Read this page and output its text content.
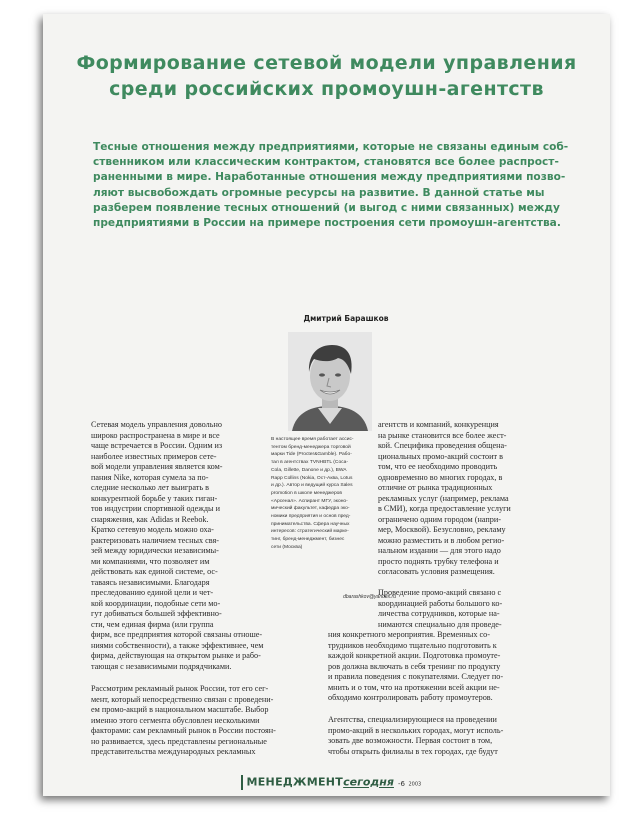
Формирование сетевой модели управления
среди российских промоушн-агентств
Тесные отношения между предприятиями, которые не связаны единым соб-
ственником или классическим контрактом, становятся все более распрост-
раненными в мире. Наработанные отношения между предприятиями позво-
ляют высвобождать огромные ресурсы на развитие. В данной статье мы
разберем появление тесных отношений (и выгод с ними связанных) между
предприятиями в России на примере построения сети промоушн-агентства.
Дмитрий Барашков
В настоящее время работает ассис-
тентом бренд-менеджера торговой
марки Tide (Procter&Gamble). Рабо-
тал в агентствах TVNHBTL (Coca-
Cola, Gillette, Danone и др.), BWA
Rapp Collins (Nokia, Ост-Аква, Lotus
и др.). Автор и ведущий курса Sales
promotion в школе менеджеров
«Арсенал». Аспирант МГУ, эконо-
мический факультет, кафедра эко-
номики предприятия и основ пред-
принимательства. Сфера научных
интересов: стратегический марке-
тинг, бренд-менеджмент, бизнес
сети (Москва)
dbarashkov@yandex.ru
Сетевая модель управления довольно
широко распространена в мире и все
чаще встречается в России. Одним из
наиболее известных примеров сете-
вой модели управления является ком-
пания Nike, которая сумела за по-
следние несколько лет выиграть в
конкурентной борьбе у таких гиган-
тов индустрии спортивной одежды и
снаряжения, как Adidas и Reebok.
Кратко сетевую модель можно оха-
рактеризовать наличием тесных свя-
зей между юридически независимы-
ми компаниями, что позволяет им
действовать как единой системе, ос-
таваясь независимыми. Благодаря
преследованию единой цели и чет-
кой координации, подобные сети мо-
гут добиваться большей эффективно-
сти, чем единая фирма (или группа
фирм, все предприятия которой связаны отноше-
ниями собственности), а также эффективнее, чем
фирма, действующая на открытом рынке и рабо-
тающая с независимыми подрядчиками.
Рассмотрим рекламный рынок России, тот его сег-
мент, который непосредственно связан с проведени-
ем промо-акций в национальном масштабе. Выбор
именно этого сегмента обусловлен несколькими
факторами: сам рекламный рынок в России постоян-
но развивается, здесь представлены региональные
представительства международных рекламных
агентств и компаний, конкуренция
на рынке становится все более жест-
кой. Специфика проведения общена-
циональных промо-акций состоит в
том, что ее необходимо проводить
одновременно во многих городах, в
отличие от рынка традиционных
рекламных услуг (например, реклама
в СМИ), когда предоставление услуги
ограничено одним городом (напри-
мер, Москвой). Безусловно, рекламу
можно разместить и в любом регио-
нальном издании — для этого надо
просто поднять трубку телефона и
согласовать условия размещения.
Проведение промо-акций связано с
координацией работы большого ко-
личества сотрудников, которые на-
нимаются специально для проведе-
ния конкретного мероприятия. Временных со-
трудников необходимо тщательно подготовить к
каждой конкретной акции. Подготовка промоуте-
ров должна включать в себя тренинг по продукту
и правила поведения с покупателями. Следует по-
мнить и о том, что на протяжении всей акции не-
обходимо контролировать работу промоутеров.
Агентства, специализирующиеся на проведении
промо-акций в нескольких городах, могут исполь-
зовать две возможности. Первая состоит в том,
чтобы открыть филиалы в тех городах, где будут
МЕНЕДЖМЕНТсегодня -6 2003
